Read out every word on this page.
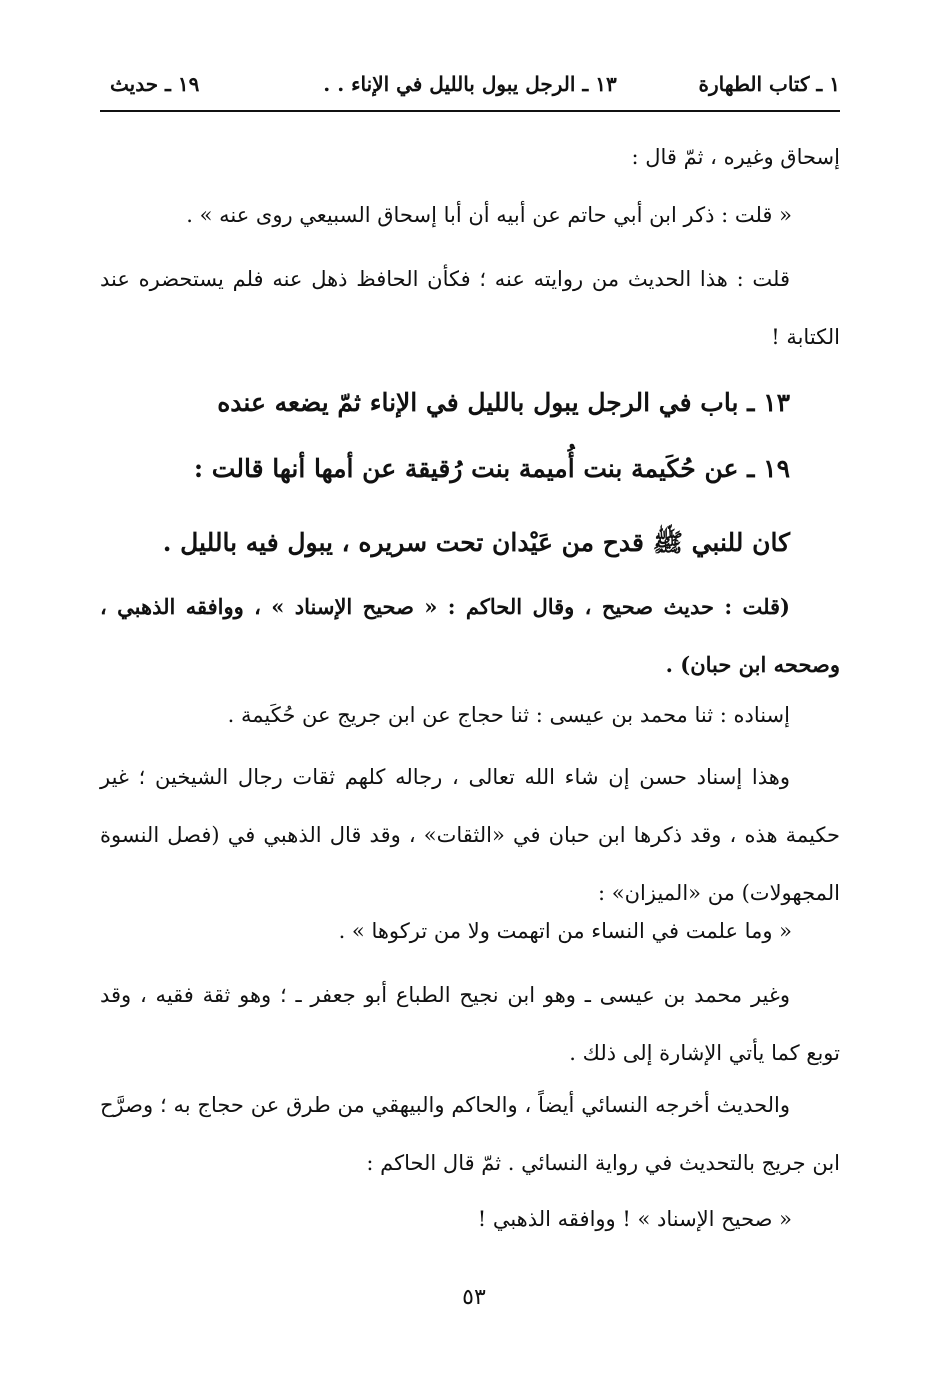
١ ـ كتاب الطهارة
١٣ ـ الرجل يبول بالليل في الإناء . .
١٩ ـ حديث
إسحاق وغيره ، ثمّ قال :
« قلت : ذكر ابن أبي حاتم عن أبيه أن أبا إسحاق السبيعي روى عنه » .
قلت : هذا الحديث من روايته عنه ؛ فكأن الحافظ ذهل عنه فلم يستحضره عند الكتابة !
١٣ ـ باب في الرجل يبول بالليل في الإناء ثمّ يضعه عنده
١٩ ـ عن حُكَيمة بنت أُميمة بنت رُقيقة عن أمها أنها قالت :
كان للنبي ﷺ قدح من عَيْدان تحت سريره ، يبول فيه بالليل .
(قلت : حديث صحيح ، وقال الحاكم : « صحيح الإسناد » ، ووافقه الذهبي ، وصححه ابن حبان) .
إسناده : ثنا محمد بن عيسى : ثنا حجاج عن ابن جريج عن حُكَيمة .
وهذا إسناد حسن إن شاء الله تعالى ، رجاله كلهم ثقات رجال الشيخين ؛ غير حكيمة هذه ، وقد ذكرها ابن حبان في «الثقات» ، وقد قال الذهبي في (فصل النسوة المجهولات) من «الميزان» :
« وما علمت في النساء من اتهمت ولا من تركوها » .
وغير محمد بن عيسى ـ وهو ابن نجيح الطباع أبو جعفر ـ ؛ وهو ثقة فقيه ، وقد توبع كما يأتي الإشارة إلى ذلك .
والحديث أخرجه النسائي أيضاً ، والحاكم والبيهقي من طرق عن حجاج به ؛ وصرَّح ابن جريج بالتحديث في رواية النسائي . ثمّ قال الحاكم :
« صحيح الإسناد » ! ووافقه الذهبي !
٥٣
